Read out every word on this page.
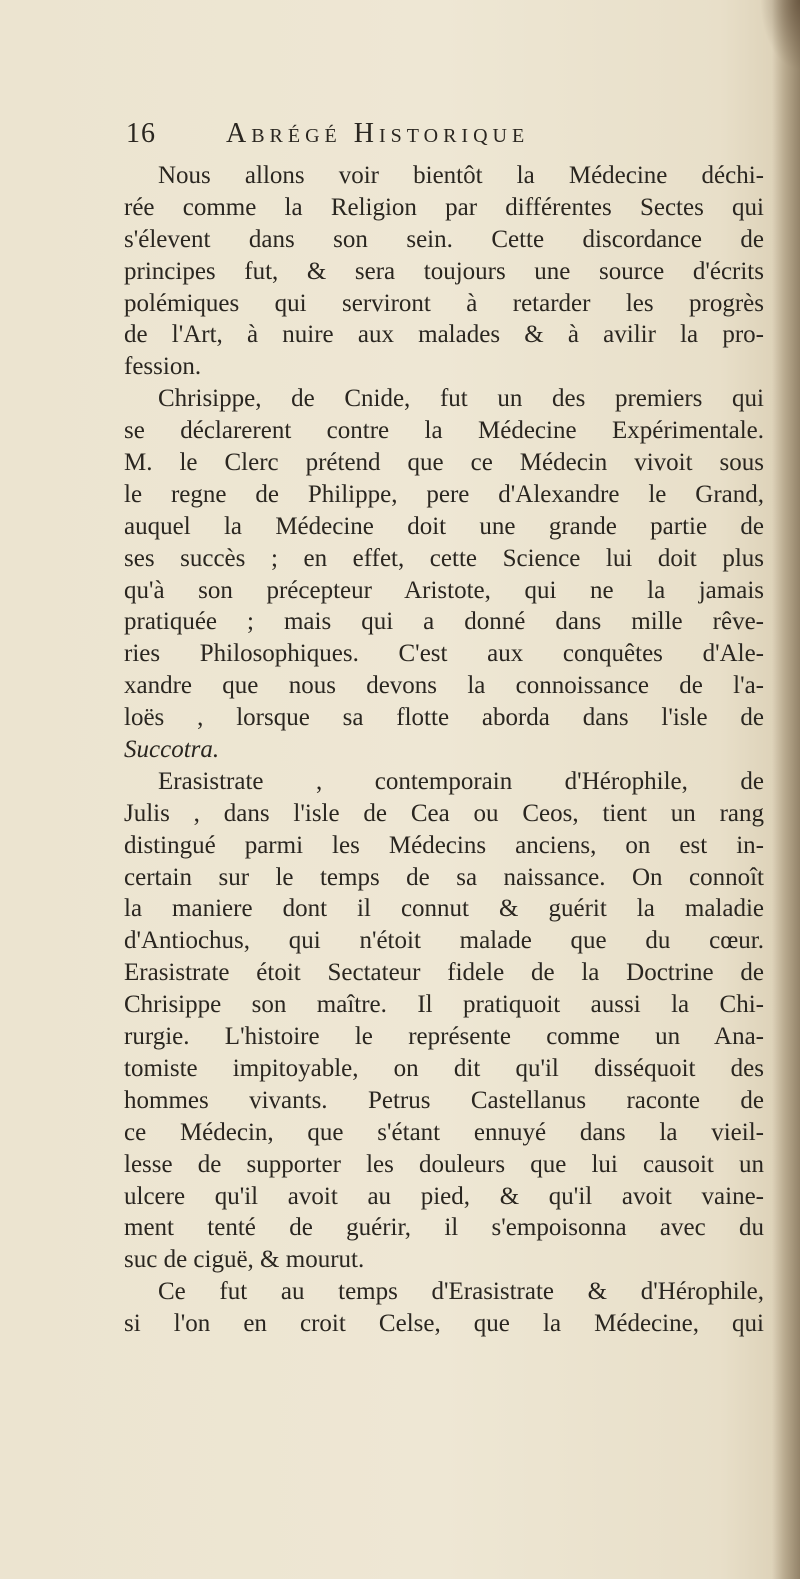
16	Abrégé Historique
Nous allons voir bientôt la Médecine déchi-
rée comme la Religion par différentes Sectes qui
s'élevent dans son sein. Cette discordance de
principes fut, & sera toujours une source d'écrits
polémiques qui serviront à retarder les progrès
de l'Art, à nuire aux malades & à avilir la pro-
fession.
Chrisippe, de Cnide, fut un des premiers qui
se déclarerent contre la Médecine Expérimentale.
M. le Clerc prétend que ce Médecin vivoit sous
le regne de Philippe, pere d'Alexandre le Grand,
auquel la Médecine doit une grande partie de
ses succès ; en effet, cette Science lui doit plus
qu'à son précepteur Aristote, qui ne la jamais
pratiquée ; mais qui a donné dans mille rêve-
ries Philosophiques. C'est aux conquêtes d'Ale-
xandre que nous devons la connoissance de l'a-
loës , lorsque sa flotte aborda dans l'isle de
Succotra.
Erasistrate , contemporain d'Hérophile, de
Julis , dans l'isle de Cea ou Ceos, tient un rang
distingué parmi les Médecins anciens, on est in-
certain sur le temps de sa naissance. On connoît
la maniere dont il connut & guérit la maladie
d'Antiochus, qui n'étoit malade que du cœur.
Erasistrate étoit Sectateur fidele de la Doctrine de
Chrisippe son maître. Il pratiquoit aussi la Chi-
rurgie. L'histoire le représente comme un Ana-
tomiste impitoyable, on dit qu'il disséquoit des
hommes vivants. Petrus Castellanus raconte de
ce Médecin, que s'étant ennuyé dans la vieil-
lesse de supporter les douleurs que lui causoit un
ulcere qu'il avoit au pied, & qu'il avoit vaine-
ment tenté de guérir, il s'empoisonna avec du
suc de ciguë, & mourut.
Ce fut au temps d'Erasistrate & d'Hérophile,
si l'on en croit Celse, que la Médecine, qui
